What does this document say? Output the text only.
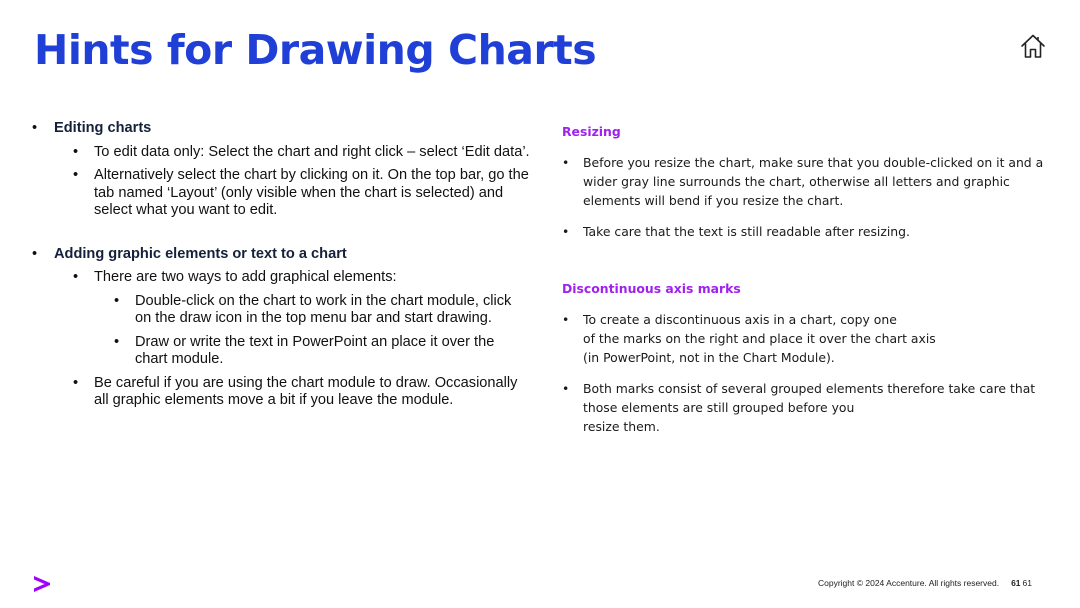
Hints for Drawing Charts
• Editing charts
• To edit data only: Select the chart and right click – select ‘Edit data’.
• Alternatively select the chart by clicking on it. On the top bar, go the tab named ‘Layout’ (only visible when the chart is selected) and select what you want to edit.
• Adding graphic elements or text to a chart
• There are two ways to add graphical elements:
• Double-click on the chart to work in the chart module, click on the draw icon in the top menu bar and start drawing.
• Draw or write the text in PowerPoint an place it over the chart module.
• Be careful if you are using the chart module to draw. Occasionally all graphic elements move a bit if you leave the module.
Resizing
• Before you resize the chart, make sure that you double-clicked on it and a wider gray line surrounds the chart, otherwise all letters and graphic elements will bend if you resize the chart.
• Take care that the text is still readable after resizing.
Discontinuous axis marks
• To create a discontinuous axis in a chart, copy one
of the marks on the right and place it over the chart axis
(in PowerPoint, not in the Chart Module).
• Both marks consist of several grouped elements therefore take care that those elements are still grouped before you
resize them.
Copyright © 2024 Accenture. All rights reserved. 61 61
